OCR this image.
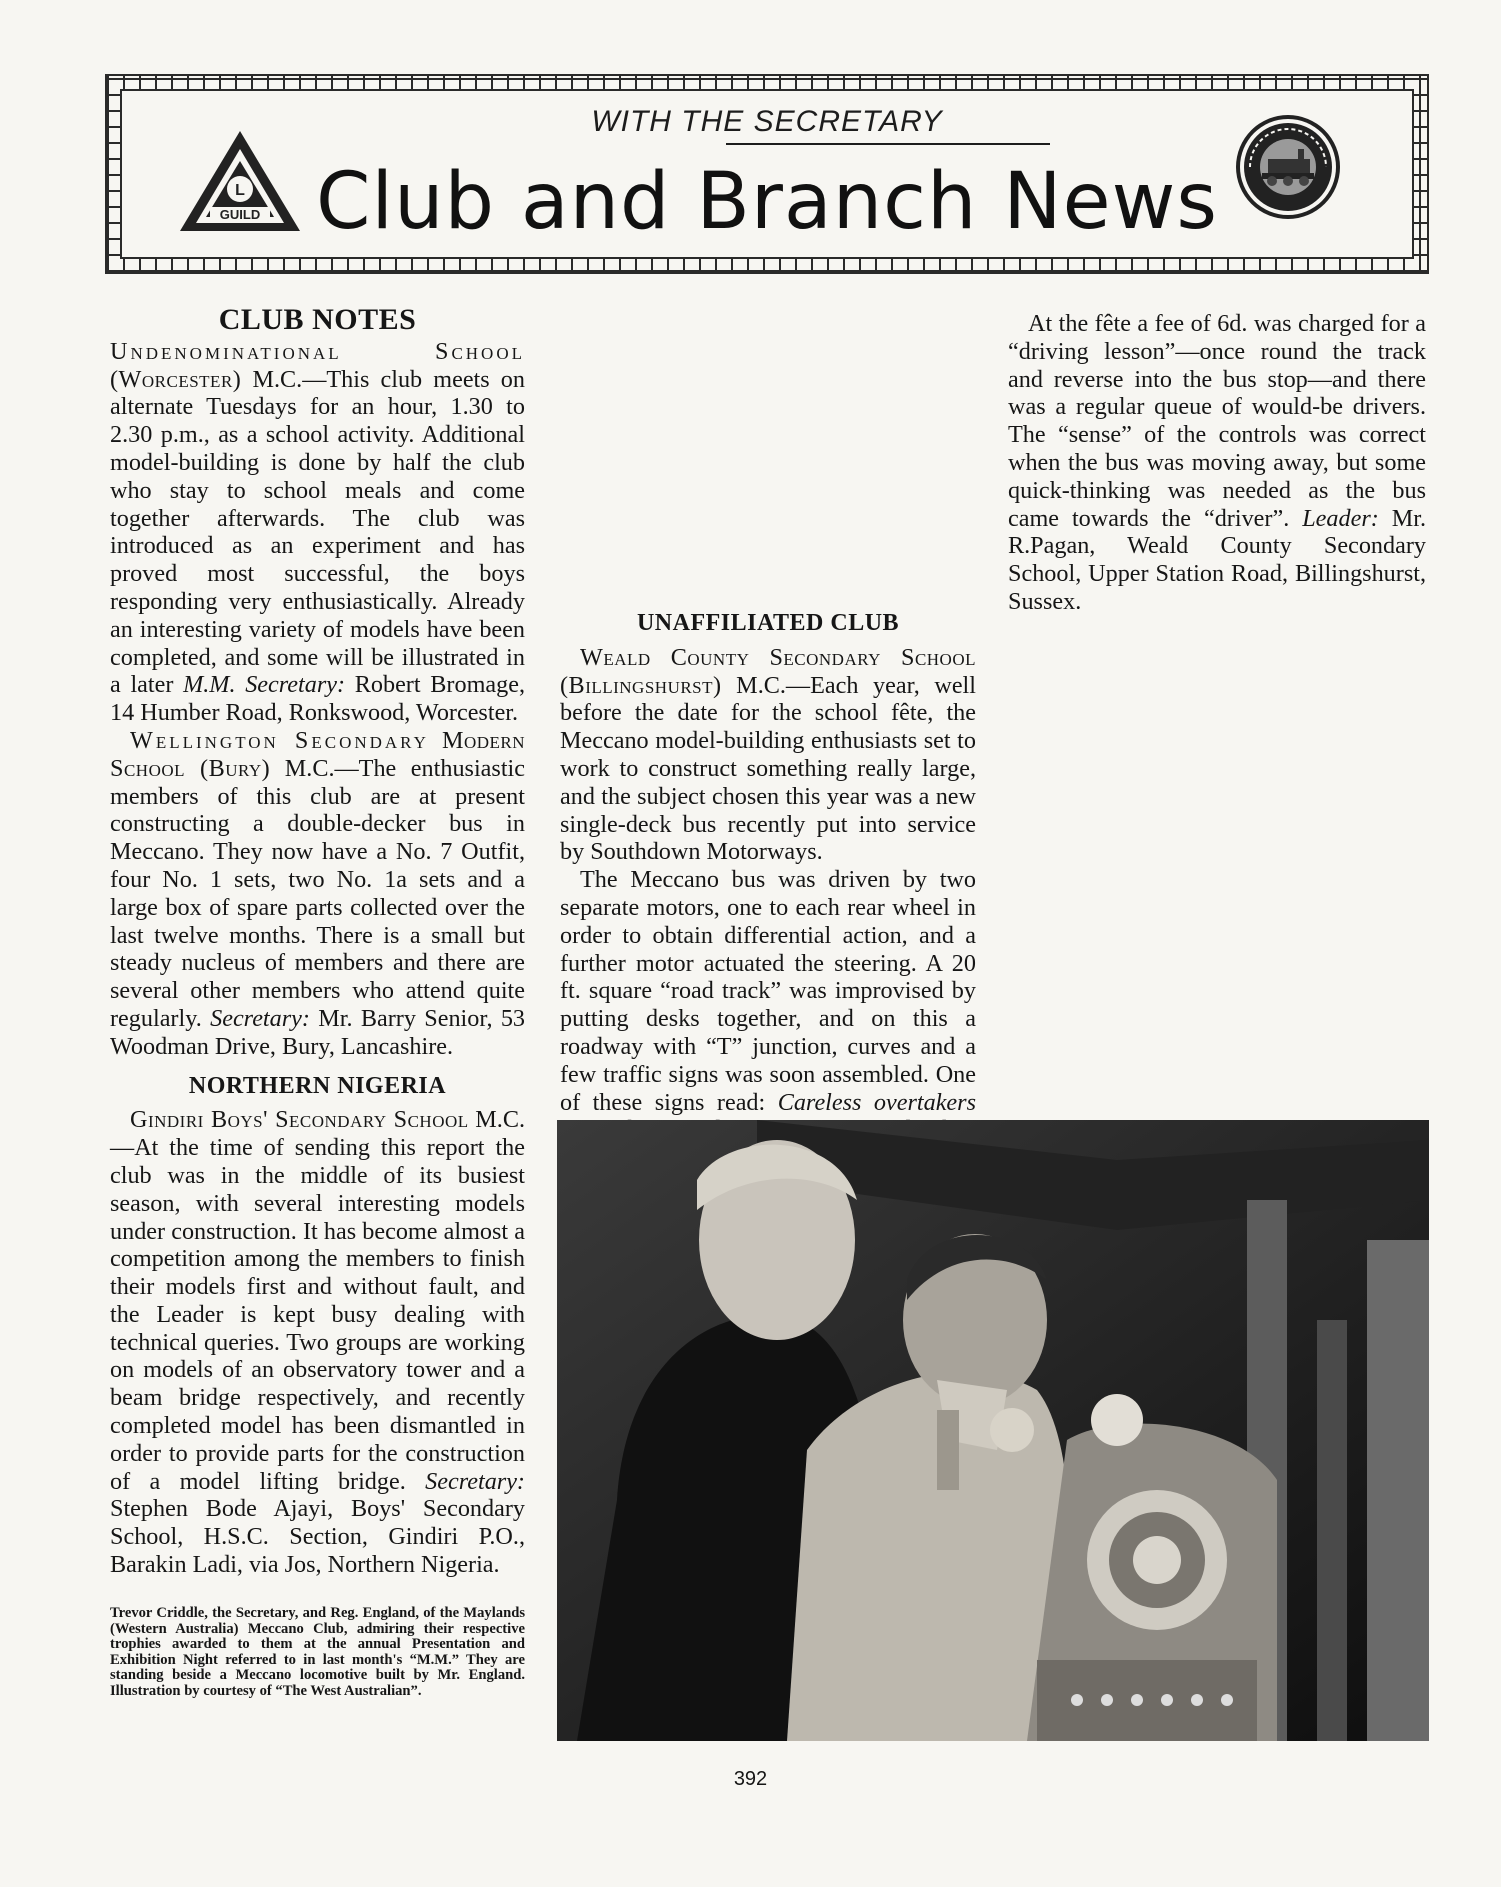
WITH THE SECRETARY
Club and Branch News
L
GUILD
CLUB NOTES

Undenominational School (Worcester) M.C.—This club meets on alternate Tuesdays for an hour, 1.30 to 2.30 p.m., as a school activity. Additional model-building is done by half the club who stay to school meals and come together afterwards. The club was introduced as an experiment and has proved most successful, the boys responding very enthusiastically. Already an interesting variety of models have been completed, and some will be illustrated in a later M.M. Secretary: Robert Bromage, 14 Humber Road, Ronkswood, Worcester.

Wellington Secondary Modern School (Bury) M.C.—The enthusiastic members of this club are at present constructing a double-decker bus in Meccano. They now have a No. 7 Outfit, four No. 1 sets, two No. 1a sets and a large box of spare parts collected over the last twelve months. There is a small but steady nucleus of members and there are several other members who attend quite regularly. Secretary: Mr. Barry Senior, 53 Woodman Drive, Bury, Lancashire.

NORTHERN NIGERIA

Gindiri Boys' Secondary School M.C.—At the time of sending this report the club was in the middle of its busiest season, with several interesting models under construction. It has become almost a competition among the members to finish their models first and without fault, and the Leader is kept busy dealing with technical queries. Two groups are working on models of an observatory tower and a beam bridge respectively, and recently completed model has been dismantled in order to provide parts for the construction of a model lifting bridge. Secretary: Stephen Bode Ajayi, Boys' Secondary School, H.S.C. Section, Gindiri P.O., Barakin Ladi, via Jos, Northern Nigeria.

UNAFFILIATED CLUB

Weald County Secondary School (Billingshurst) M.C.—Each year, well before the date for the school fête, the Meccano model-building enthusiasts set to work to construct something really large, and the subject chosen this year was a new single-deck bus recently put into service by Southdown Motorways.

The Meccano bus was driven by two separate motors, one to each rear wheel in order to obtain differential action, and a further motor actuated the steering. A 20 ft. square “road track” was improvised by putting desks together, and on this a roadway with “T” junction, curves and a few traffic signs was soon assembled. One of these signs read: Careless overtakers

At the fête a fee of 6d. was charged for a “driving lesson”—once round the track and reverse into the bus stop—and there was a regular queue of would-be drivers. The “sense” of the controls was correct when the bus was moving away, but some quick-thinking was needed as the bus came towards the “driver”. Leader: Mr. R.Pagan, Weald County Secondary School, Upper Station Road, Billingshurst, Sussex.

Trevor Criddle, the Secretary, and Reg. England, of the Maylands (Western Australia) Meccano Club, admiring their respective trophies awarded to them at the annual Presentation and Exhibition Night referred to in last month's “M.M.” They are standing beside a Meccano locomotive built by Mr. England. Illustration by courtesy of “The West Australian”.
392
